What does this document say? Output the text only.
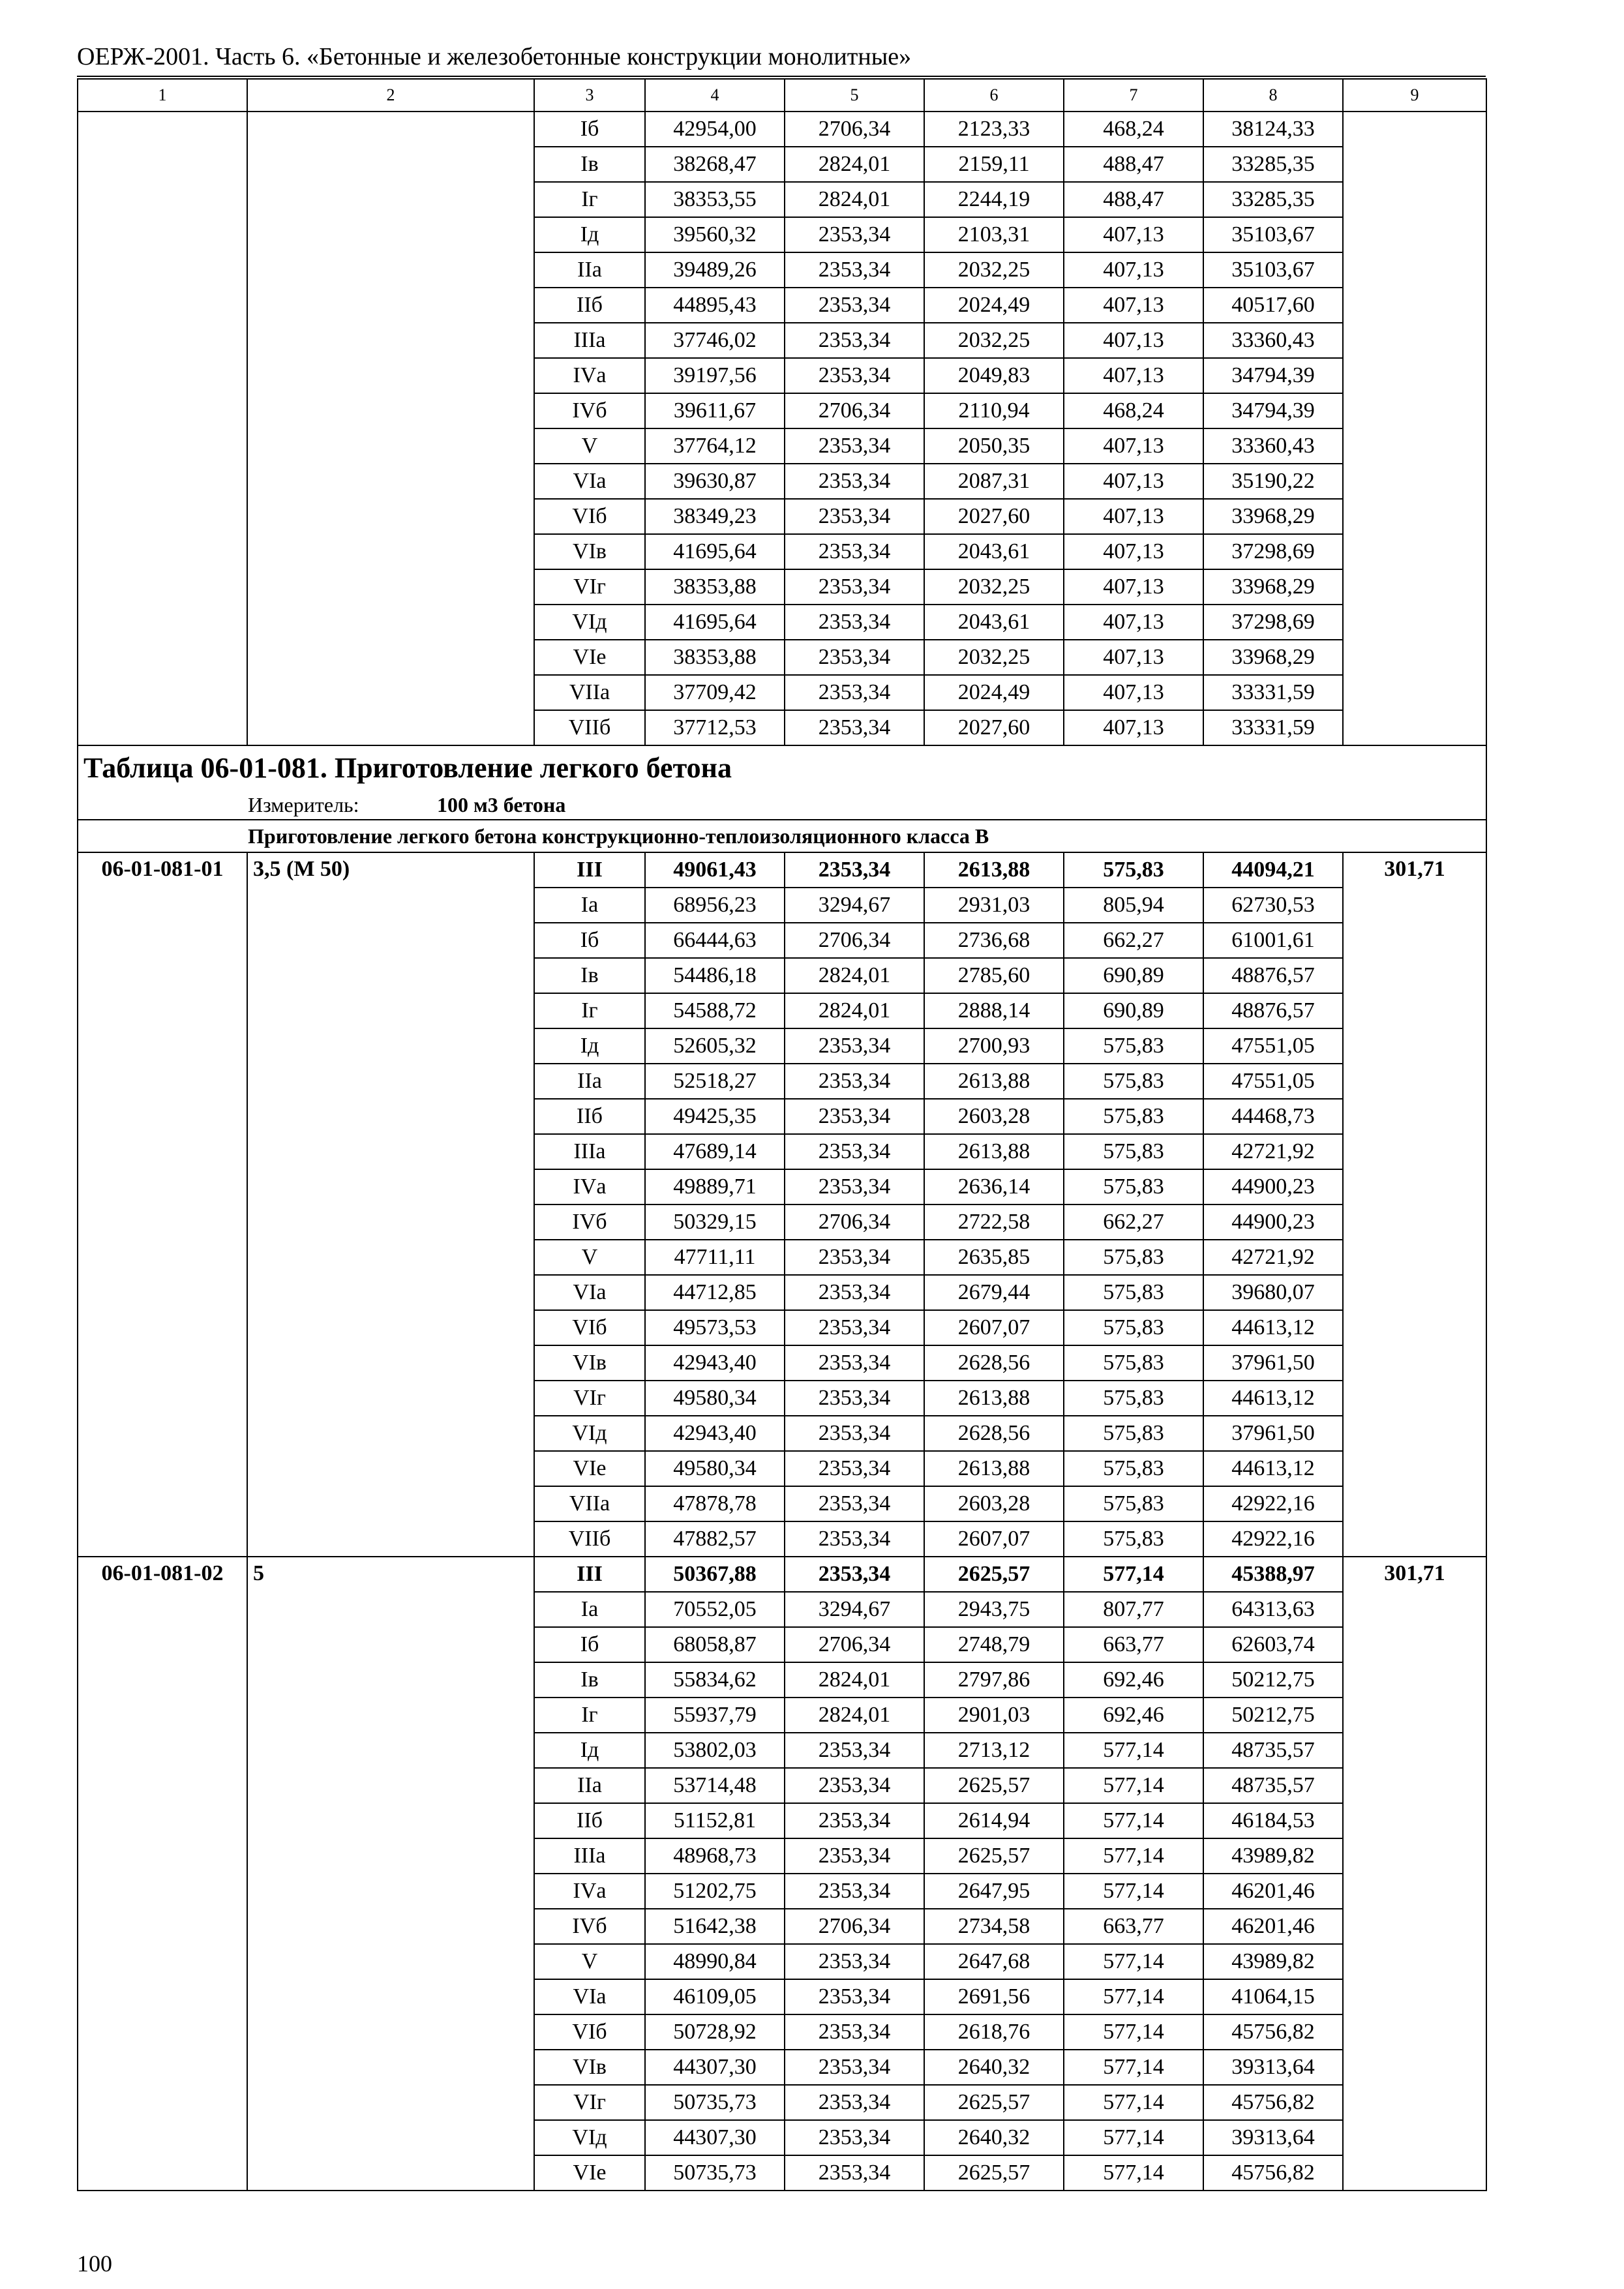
ОЕРЖ-2001. Часть 6. «Бетонные и железобетонные конструкции монолитные»
1	2	3	4	5	6	7	8	9
		Iб	42954,00	2706,34	2123,33	468,24	38124,33	
		Iв	38268,47	2824,01	2159,11	488,47	33285,35	
		Iг	38353,55	2824,01	2244,19	488,47	33285,35	
		Iд	39560,32	2353,34	2103,31	407,13	35103,67	
		IIа	39489,26	2353,34	2032,25	407,13	35103,67	
		IIб	44895,43	2353,34	2024,49	407,13	40517,60	
		IIIа	37746,02	2353,34	2032,25	407,13	33360,43	
		IVа	39197,56	2353,34	2049,83	407,13	34794,39	
		IVб	39611,67	2706,34	2110,94	468,24	34794,39	
		V	37764,12	2353,34	2050,35	407,13	33360,43	
		VIа	39630,87	2353,34	2087,31	407,13	35190,22	
		VIб	38349,23	2353,34	2027,60	407,13	33968,29	
		VIв	41695,64	2353,34	2043,61	407,13	37298,69	
		VIг	38353,88	2353,34	2032,25	407,13	33968,29	
		VIд	41695,64	2353,34	2043,61	407,13	37298,69	
		VIе	38353,88	2353,34	2032,25	407,13	33968,29	
		VIIа	37709,42	2353,34	2024,49	407,13	33331,59	
		VIIб	37712,53	2353,34	2027,60	407,13	33331,59	
Таблица 06-01-081. Приготовление легкого бетона								
Измеритель: 100 м3 бетона								
Приготовление легкого бетона конструкционно-теплоизоляционного класса В								
06-01-081-01	3,5 (М 50)	III	49061,43	2353,34	2613,88	575,83	44094,21	301,71
		Iа	68956,23	3294,67	2931,03	805,94	62730,53	
		Iб	66444,63	2706,34	2736,68	662,27	61001,61	
		Iв	54486,18	2824,01	2785,60	690,89	48876,57	
		Iг	54588,72	2824,01	2888,14	690,89	48876,57	
		Iд	52605,32	2353,34	2700,93	575,83	47551,05	
		IIа	52518,27	2353,34	2613,88	575,83	47551,05	
		IIб	49425,35	2353,34	2603,28	575,83	44468,73	
		IIIа	47689,14	2353,34	2613,88	575,83	42721,92	
		IVа	49889,71	2353,34	2636,14	575,83	44900,23	
		IVб	50329,15	2706,34	2722,58	662,27	44900,23	
		V	47711,11	2353,34	2635,85	575,83	42721,92	
		VIа	44712,85	2353,34	2679,44	575,83	39680,07	
		VIб	49573,53	2353,34	2607,07	575,83	44613,12	
		VIв	42943,40	2353,34	2628,56	575,83	37961,50	
		VIг	49580,34	2353,34	2613,88	575,83	44613,12	
		VIд	42943,40	2353,34	2628,56	575,83	37961,50	
		VIе	49580,34	2353,34	2613,88	575,83	44613,12	
		VIIа	47878,78	2353,34	2603,28	575,83	42922,16	
		VIIб	47882,57	2353,34	2607,07	575,83	42922,16	
06-01-081-02	5	III	50367,88	2353,34	2625,57	577,14	45388,97	301,71
		Iа	70552,05	3294,67	2943,75	807,77	64313,63	
		Iб	68058,87	2706,34	2748,79	663,77	62603,74	
		Iв	55834,62	2824,01	2797,86	692,46	50212,75	
		Iг	55937,79	2824,01	2901,03	692,46	50212,75	
		Iд	53802,03	2353,34	2713,12	577,14	48735,57	
		IIа	53714,48	2353,34	2625,57	577,14	48735,57	
		IIб	51152,81	2353,34	2614,94	577,14	46184,53	
		IIIа	48968,73	2353,34	2625,57	577,14	43989,82	
		IVа	51202,75	2353,34	2647,95	577,14	46201,46	
		IVб	51642,38	2706,34	2734,58	663,77	46201,46	
		V	48990,84	2353,34	2647,68	577,14	43989,82	
		VIа	46109,05	2353,34	2691,56	577,14	41064,15	
		VIб	50728,92	2353,34	2618,76	577,14	45756,82	
		VIв	44307,30	2353,34	2640,32	577,14	39313,64	
		VIг	50735,73	2353,34	2625,57	577,14	45756,82	
		VIд	44307,30	2353,34	2640,32	577,14	39313,64	
		VIе	50735,73	2353,34	2625,57	577,14	45756,82	
100
